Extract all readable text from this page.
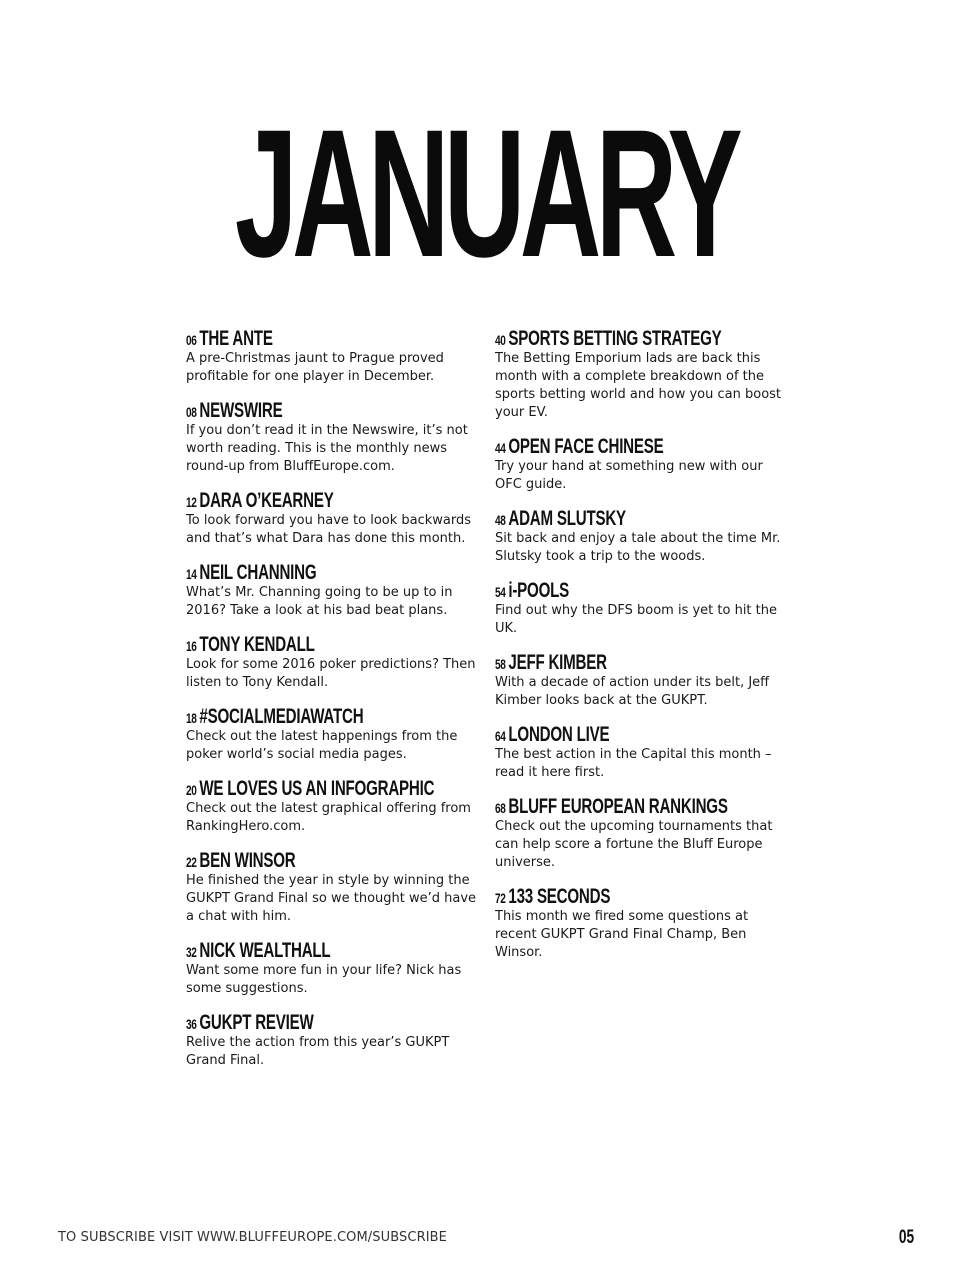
JANUARY
06 THE ANTE
A pre-Christmas jaunt to Prague proved profitable for one player in December.
08 NEWSWIRE
If you don’t read it in the Newswire, it’s not worth reading. This is the monthly news round-up from BluffEurope.com.
12 DARA O’KEARNEY
To look forward you have to look backwards and that’s what Dara has done this month.
14 NEIL CHANNING
What’s Mr. Channing going to be up to in 2016? Take a look at his bad beat plans.
16 TONY KENDALL
Look for some 2016 poker predictions? Then listen to Tony Kendall.
18 #SOCIALMEDIAWATCH
Check out the latest happenings from the poker world’s social media pages.
20 WE LOVES US AN INFOGRAPHIC
Check out the latest graphical offering from RankingHero.com.
22 BEN WINSOR
He finished the year in style by winning the GUKPT Grand Final so we thought we’d have a chat with him.
32 NICK WEALTHALL
Want some more fun in your life? Nick has some suggestions.
36 GUKPT REVIEW
Relive the action from this year’s GUKPT Grand Final.
40 SPORTS BETTING STRATEGY
The Betting Emporium lads are back this month with a complete breakdown of the sports betting world and how you can boost your EV.
44 OPEN FACE CHINESE
Try your hand at something new with our OFC guide.
48 ADAM SLUTSKY
Sit back and enjoy a tale about the time Mr. Slutsky took a trip to the woods.
54 i-POOLS
Find out why the DFS boom is yet to hit the UK.
58 JEFF KIMBER
With a decade of action under its belt, Jeff Kimber looks back at the GUKPT.
64 LONDON LIVE
The best action in the Capital this month – read it here first.
68 BLUFF EUROPEAN RANKINGS
Check out the upcoming tournaments that can help score a fortune the Bluff Europe universe.
72 133 SECONDS
This month we fired some questions at recent GUKPT Grand Final Champ, Ben Winsor.
TO SUBSCRIBE VISIT WWW.BLUFFEUROPE.COM/SUBSCRIBE	05
